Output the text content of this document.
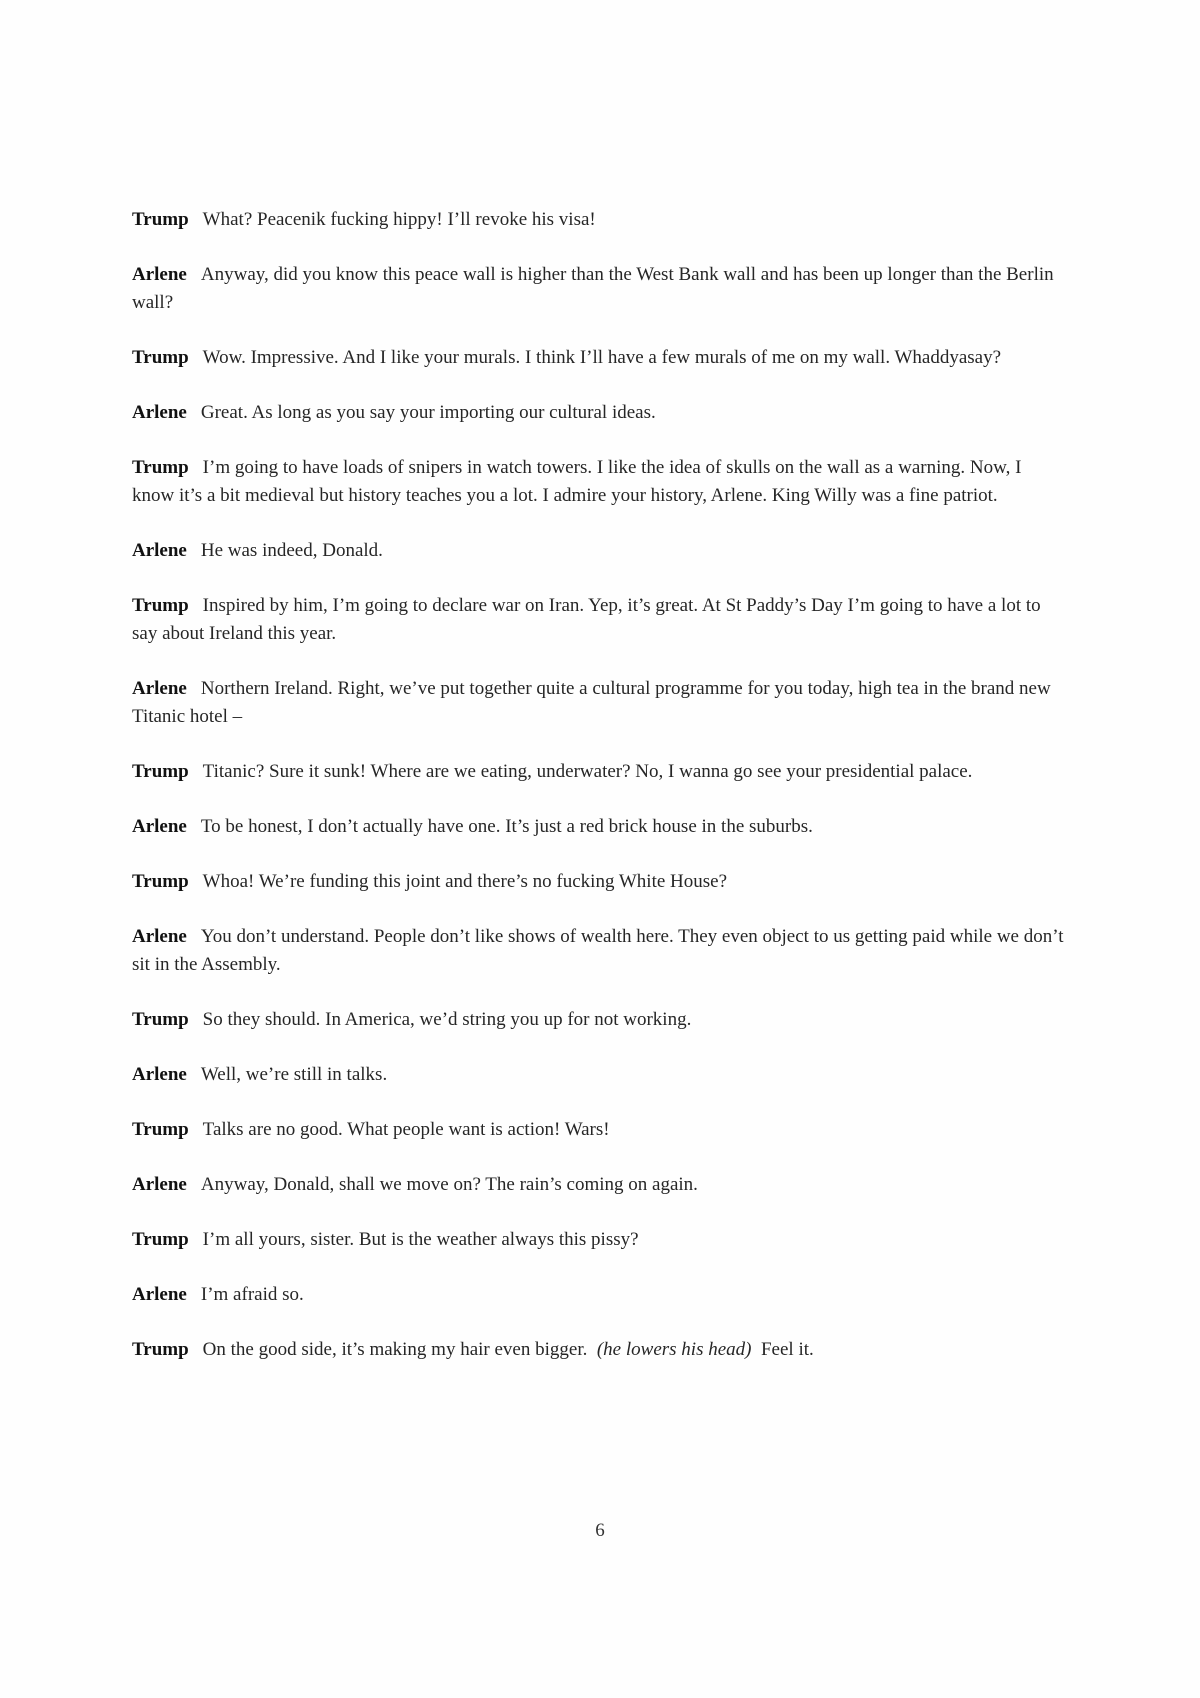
Trump What? Peacenik fucking hippy! I’ll revoke his visa!

Arlene Anyway, did you know this peace wall is higher than the West Bank wall and has been up longer than the Berlin wall?

Trump Wow. Impressive. And I like your murals. I think I’ll have a few murals of me on my wall. Whaddyasay?

Arlene Great. As long as you say your importing our cultural ideas.

Trump I’m going to have loads of snipers in watch towers. I like the idea of skulls on the wall as a warning. Now, I know it’s a bit medieval but history teaches you a lot. I admire your history, Arlene. King Willy was a fine patriot.

Arlene He was indeed, Donald.

Trump Inspired by him, I’m going to declare war on Iran. Yep, it’s great. At St Paddy’s Day I’m going to have a lot to say about Ireland this year.

Arlene Northern Ireland. Right, we’ve put together quite a cultural programme for you today, high tea in the brand new Titanic hotel –

Trump Titanic? Sure it sunk! Where are we eating, underwater? No, I wanna go see your presidential palace.

Arlene To be honest, I don’t actually have one. It’s just a red brick house in the suburbs.

Trump Whoa! We’re funding this joint and there’s no fucking White House?

Arlene You don’t understand. People don’t like shows of wealth here. They even object to us getting paid while we don’t sit in the Assembly.

Trump So they should. In America, we’d string you up for not working.

Arlene Well, we’re still in talks.

Trump Talks are no good. What people want is action! Wars!

Arlene Anyway, Donald, shall we move on? The rain’s coming on again.

Trump I’m all yours, sister. But is the weather always this pissy?

Arlene I’m afraid so.

Trump On the good side, it’s making my hair even bigger. (he lowers his head) Feel it.

6
